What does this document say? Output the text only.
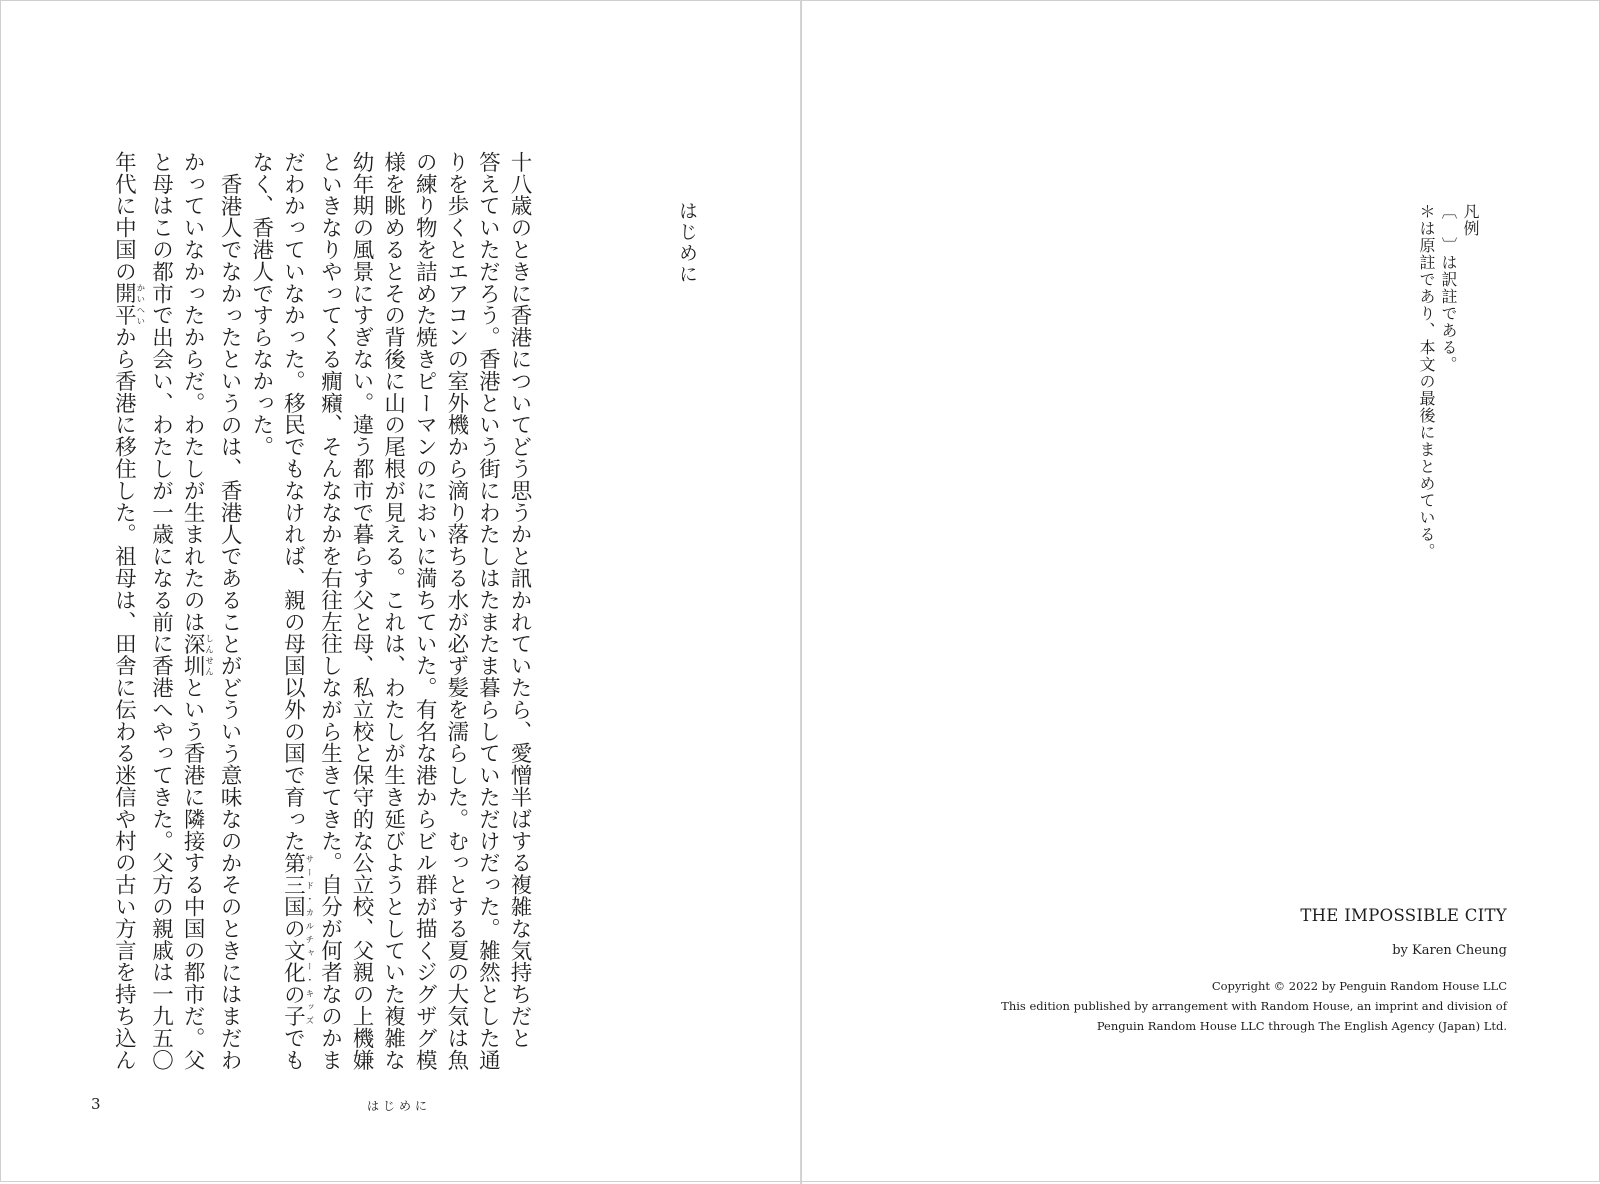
はじめに
十八歳のときに香港についてどう思うかと訊かれていたら、愛憎半ばする複雑な気持ちだと
答えていただろう。香港という街にわたしはたまたま暮らしていただけだった。雑然とした通
りを歩くとエアコンの室外機から滴り落ちる水が必ず髪を濡らした。むっとする夏の大気は魚
の練り物を詰めた焼きピーマンのにおいに満ちていた。有名な港からビル群が描くジグザグ模
様を眺めるとその背後に山の尾根が見える。これは、わたしが生き延びようとしていた複雑な
幼年期の風景にすぎない。違う都市で暮らす父と母、私立校と保守的な公立校、父親の上機嫌
といきなりやってくる癇癪、そんななかを右往左往しながら生きてきた。自分が何者なのかま
だわかっていなかった。移民でもなければ、親の母国以外の国で育った第三国の文化の子サード・カルチャー・キッズでも
なく、香港人ですらなかった。
香港人でなかったというのは、香港人であることがどういう意味なのかそのときにはまだわ
かっていなかったからだ。わたしが生まれたのは深圳しんせんという香港に隣接する中国の都市だ。父
と母はこの都市で出会い、わたしが一歳になる前に香港へやってきた。父方の親戚は一九五〇
年代に中国の開平かいへいから香港に移住した。祖母は、田舎に伝わる迷信や村の古い方言を持ち込ん
3	はじめに
凡例
〔　〕は訳註である。
＊は原註であり、本文の最後にまとめている。
THE IMPOSSIBLE CITY
by Karen Cheung
Copyright © 2022 by Penguin Random House LLC
This edition published by arrangement with Random House, an imprint and division of
Penguin Random House LLC through The English Agency (Japan) Ltd.
